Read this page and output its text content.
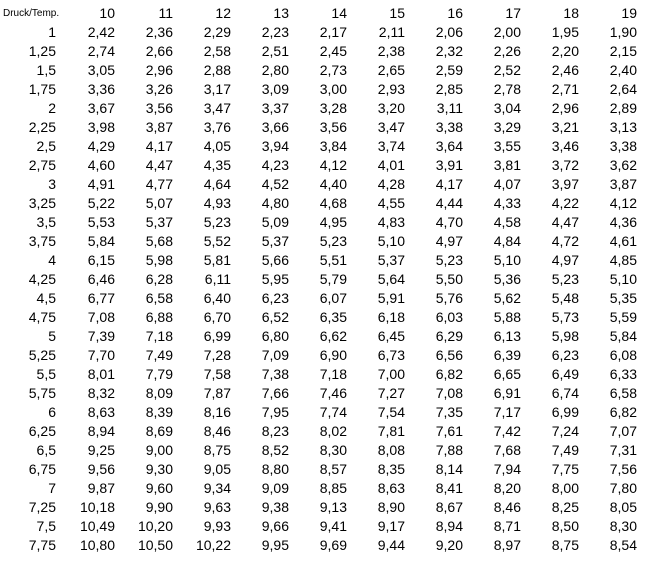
Druck/Temp.	10	11	12	13	14	15	16	17	18	19
1	2,42	2,36	2,29	2,23	2,17	2,11	2,06	2,00	1,95	1,90
1,25	2,74	2,66	2,58	2,51	2,45	2,38	2,32	2,26	2,20	2,15
1,5	3,05	2,96	2,88	2,80	2,73	2,65	2,59	2,52	2,46	2,40
1,75	3,36	3,26	3,17	3,09	3,00	2,93	2,85	2,78	2,71	2,64
2	3,67	3,56	3,47	3,37	3,28	3,20	3,11	3,04	2,96	2,89
2,25	3,98	3,87	3,76	3,66	3,56	3,47	3,38	3,29	3,21	3,13
2,5	4,29	4,17	4,05	3,94	3,84	3,74	3,64	3,55	3,46	3,38
2,75	4,60	4,47	4,35	4,23	4,12	4,01	3,91	3,81	3,72	3,62
3	4,91	4,77	4,64	4,52	4,40	4,28	4,17	4,07	3,97	3,87
3,25	5,22	5,07	4,93	4,80	4,68	4,55	4,44	4,33	4,22	4,12
3,5	5,53	5,37	5,23	5,09	4,95	4,83	4,70	4,58	4,47	4,36
3,75	5,84	5,68	5,52	5,37	5,23	5,10	4,97	4,84	4,72	4,61
4	6,15	5,98	5,81	5,66	5,51	5,37	5,23	5,10	4,97	4,85
4,25	6,46	6,28	6,11	5,95	5,79	5,64	5,50	5,36	5,23	5,10
4,5	6,77	6,58	6,40	6,23	6,07	5,91	5,76	5,62	5,48	5,35
4,75	7,08	6,88	6,70	6,52	6,35	6,18	6,03	5,88	5,73	5,59
5	7,39	7,18	6,99	6,80	6,62	6,45	6,29	6,13	5,98	5,84
5,25	7,70	7,49	7,28	7,09	6,90	6,73	6,56	6,39	6,23	6,08
5,5	8,01	7,79	7,58	7,38	7,18	7,00	6,82	6,65	6,49	6,33
5,75	8,32	8,09	7,87	7,66	7,46	7,27	7,08	6,91	6,74	6,58
6	8,63	8,39	8,16	7,95	7,74	7,54	7,35	7,17	6,99	6,82
6,25	8,94	8,69	8,46	8,23	8,02	7,81	7,61	7,42	7,24	7,07
6,5	9,25	9,00	8,75	8,52	8,30	8,08	7,88	7,68	7,49	7,31
6,75	9,56	9,30	9,05	8,80	8,57	8,35	8,14	7,94	7,75	7,56
7	9,87	9,60	9,34	9,09	8,85	8,63	8,41	8,20	8,00	7,80
7,25	10,18	9,90	9,63	9,38	9,13	8,90	8,67	8,46	8,25	8,05
7,5	10,49	10,20	9,93	9,66	9,41	9,17	8,94	8,71	8,50	8,30
7,75	10,80	10,50	10,22	9,95	9,69	9,44	9,20	8,97	8,75	8,54
